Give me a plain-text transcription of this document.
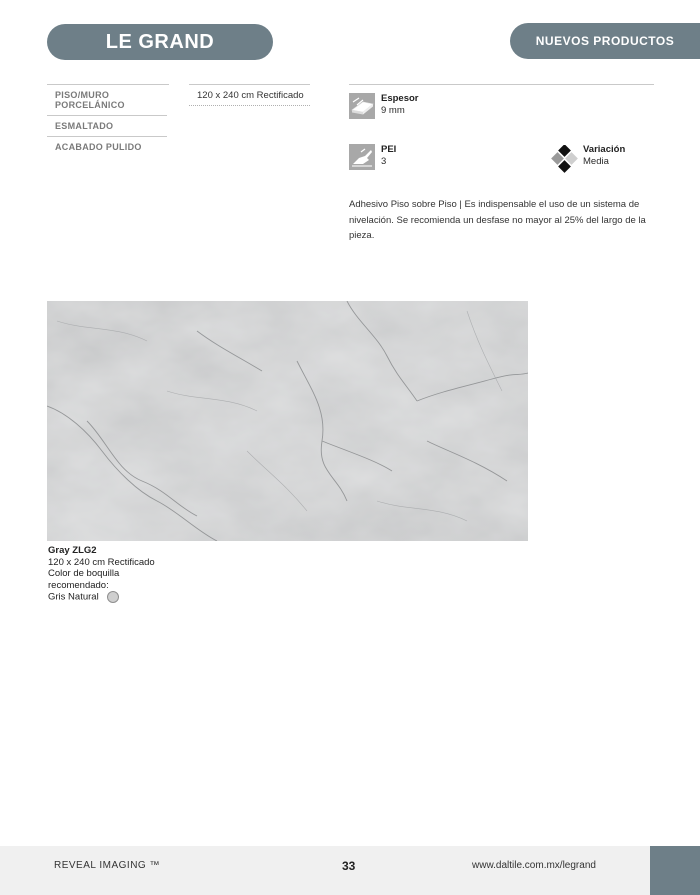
LE GRAND	NUEVOS PRODUCTOS
PISO/MURO PORCELÁNICO
ESMALTADO
ACABADO PULIDO
120 x 240 cm Rectificado	Espesor
9 mm
PEI
3
Variación
Media
Adhesivo Piso sobre Piso | Es indispensable el uso de un sistema de nivelación. Se recomienda un desfase no mayor al 25% del largo de la pieza.
Gray ZLG2
120 x 240 cm Rectificado
Color de boquilla
recomendado:
Gris Natural
REVEAL IMAGING ™	33	www.daltile.com.mx/legrand
